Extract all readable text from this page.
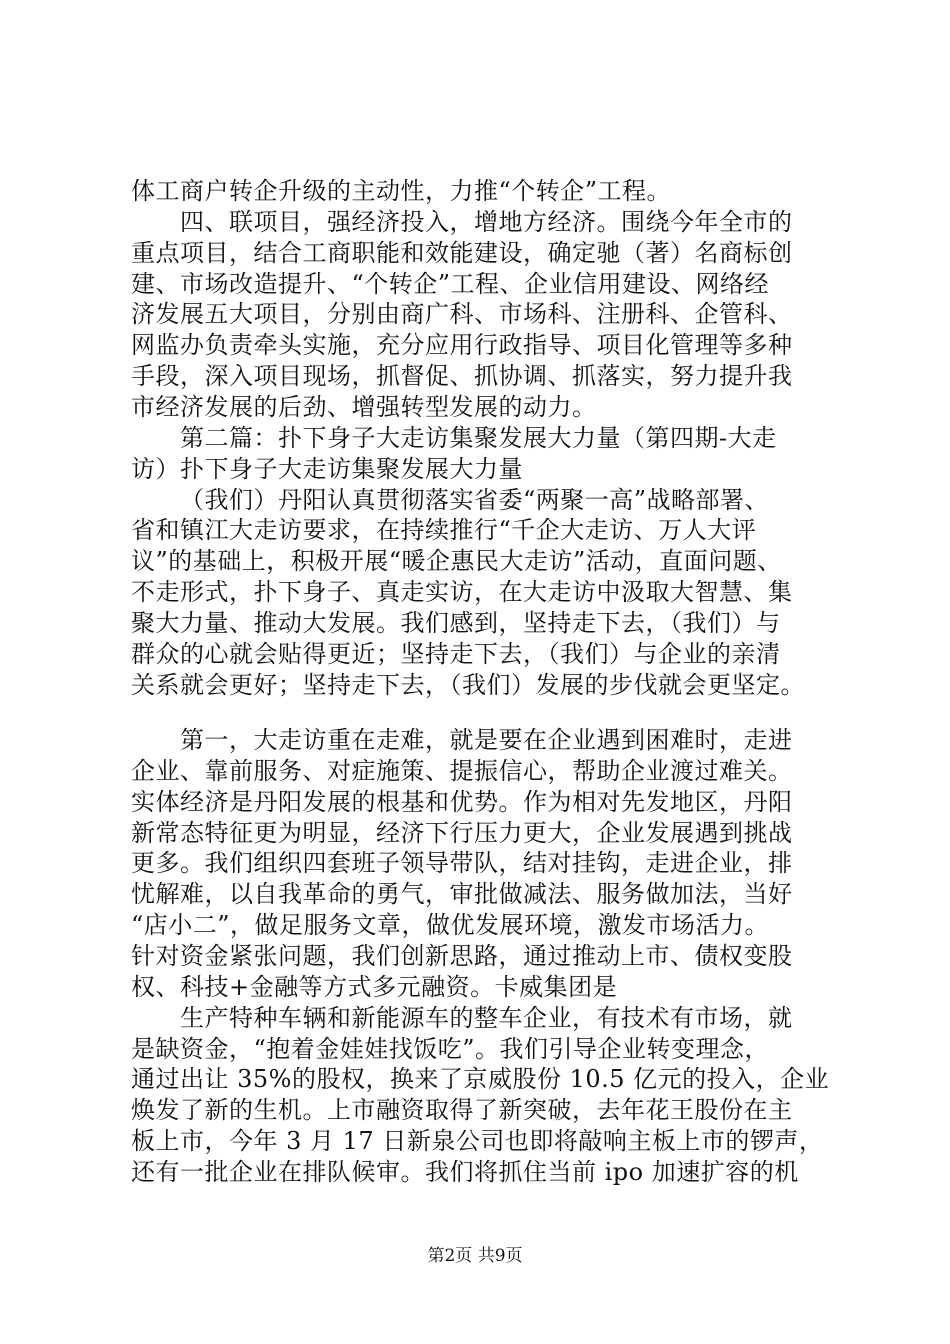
体工商户转企升级的主动性，力推“个转企”工程。
四、联项目，强经济投入，增地方经济。围绕今年全市的
重点项目，结合工商职能和效能建设，确定驰（著）名商标创
建、市场改造提升、“个转企”工程、企业信用建设、网络经
济发展五大项目，分别由商广科、市场科、注册科、企管科、
网监办负责牵头实施，充分应用行政指导、项目化管理等多种
手段，深入项目现场，抓督促、抓协调、抓落实，努力提升我
市经济发展的后劲、增强转型发展的动力。
第二篇：扑下身子大走访集聚发展大力量（第四期-大走
访）扑下身子大走访集聚发展大力量
（我们）丹阳认真贯彻落实省委“两聚一高”战略部署、
省和镇江大走访要求，在持续推行“千企大走访、万人大评
议”的基础上，积极开展“暖企惠民大走访”活动，直面问题、
不走形式，扑下身子、真走实访，在大走访中汲取大智慧、集
聚大力量、推动大发展。我们感到，坚持走下去，（我们）与
群众的心就会贴得更近；坚持走下去，（我们）与企业的亲清
关系就会更好；坚持走下去，（我们）发展的步伐就会更坚定。
第一，大走访重在走难，就是要在企业遇到困难时，走进
企业、靠前服务、对症施策、提振信心，帮助企业渡过难关。
实体经济是丹阳发展的根基和优势。作为相对先发地区，丹阳
新常态特征更为明显，经济下行压力更大，企业发展遇到挑战
更多。我们组织四套班子领导带队，结对挂钩，走进企业，排
忧解难，以自我革命的勇气，审批做减法、服务做加法，当好
“店小二”，做足服务文章，做优发展环境，激发市场活力。
针对资金紧张问题，我们创新思路，通过推动上市、债权变股
权、科技+金融等方式多元融资。卡威集团是
生产特种车辆和新能源车的整车企业，有技术有市场，就
是缺资金，“抱着金娃娃找饭吃”。我们引导企业转变理念，
通过出让 35%的股权，换来了京威股份 10.5 亿元的投入，企业
焕发了新的生机。上市融资取得了新突破，去年花王股份在主
板上市，今年 3 月 17 日新泉公司也即将敲响主板上市的锣声，
还有一批企业在排队候审。我们将抓住当前 ipo 加速扩容的机
第2页 共9页
